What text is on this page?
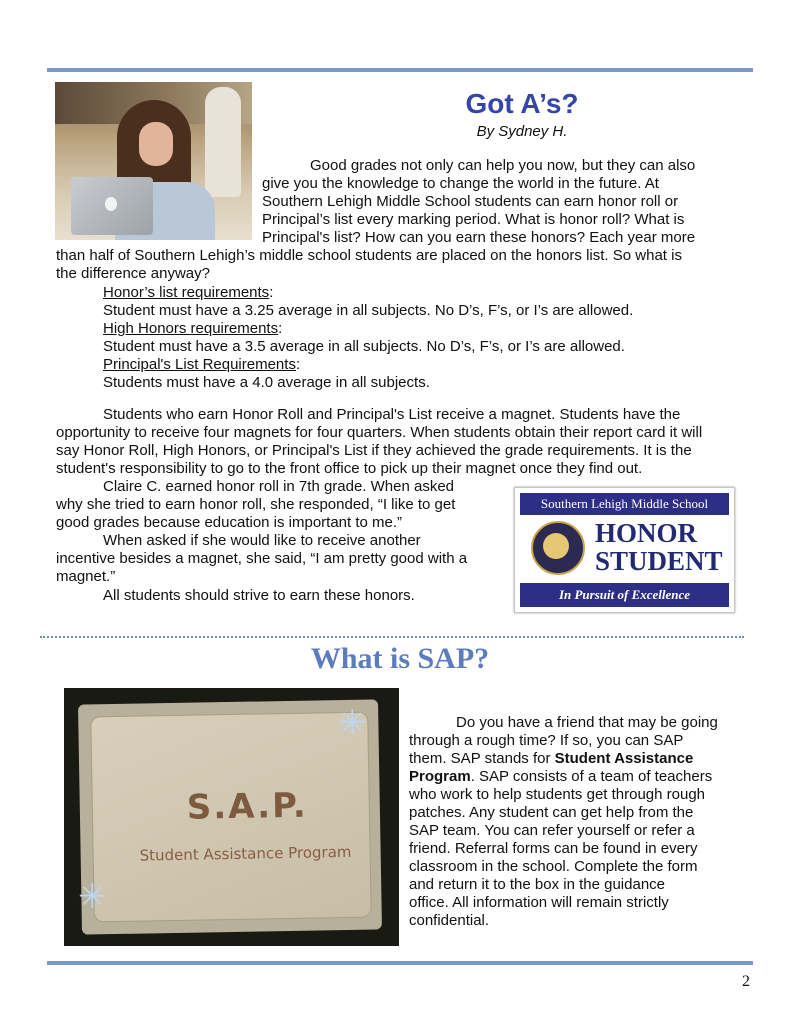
Got A’s?
By Sydney H.
Good grades not only can help you now, but they can also
give you the knowledge to change the world in the future. At
Southern Lehigh Middle School students can earn honor roll or
Principal’s list every marking period. What is honor roll? What is
Principal's list? How can you earn these honors? Each year more
than half of Southern Lehigh’s middle school students are placed on the honors list. So what is
the difference anyway?
Honor’s list requirements:
Student must have a 3.25 average in all subjects. No D’s, F’s, or I’s are allowed.
High Honors requirements:
Student must have a 3.5 average in all subjects. No D’s, F’s, or I’s are allowed.
Principal's List Requirements:
Students must have a 4.0 average in all subjects.
Students who earn Honor Roll and Principal's List receive a magnet. Students have the
opportunity to receive four magnets for four quarters. When students obtain their report card it will
say Honor Roll, High Honors, or Principal's List if they achieved the grade requirements. It is the
student's responsibility to go to the front office to pick up their magnet once they find out.
Claire C. earned honor roll in 7th grade. When asked
why she tried to earn honor roll, she responded, “I like to get
good grades because education is important to me.”
When asked if she would like to receive another
incentive besides a magnet, she said, “I am pretty good with a
magnet.”
All students should strive to earn these honors.
Southern Lehigh Middle School
HONOR
STUDENT
In Pursuit of Excellence
What is SAP?
S.A.P.
Student Assistance Program
✳
✳
Do you have a friend that may be going
through a rough time? If so, you can SAP
them. SAP stands for Student Assistance
Program. SAP consists of a team of teachers
who work to help students get through rough
patches. Any student can get help from the
SAP team. You can refer yourself or refer a
friend. Referral forms can be found in every
classroom in the school. Complete the form
and return it to the box in the guidance
office. All information will remain strictly
confidential.
2
